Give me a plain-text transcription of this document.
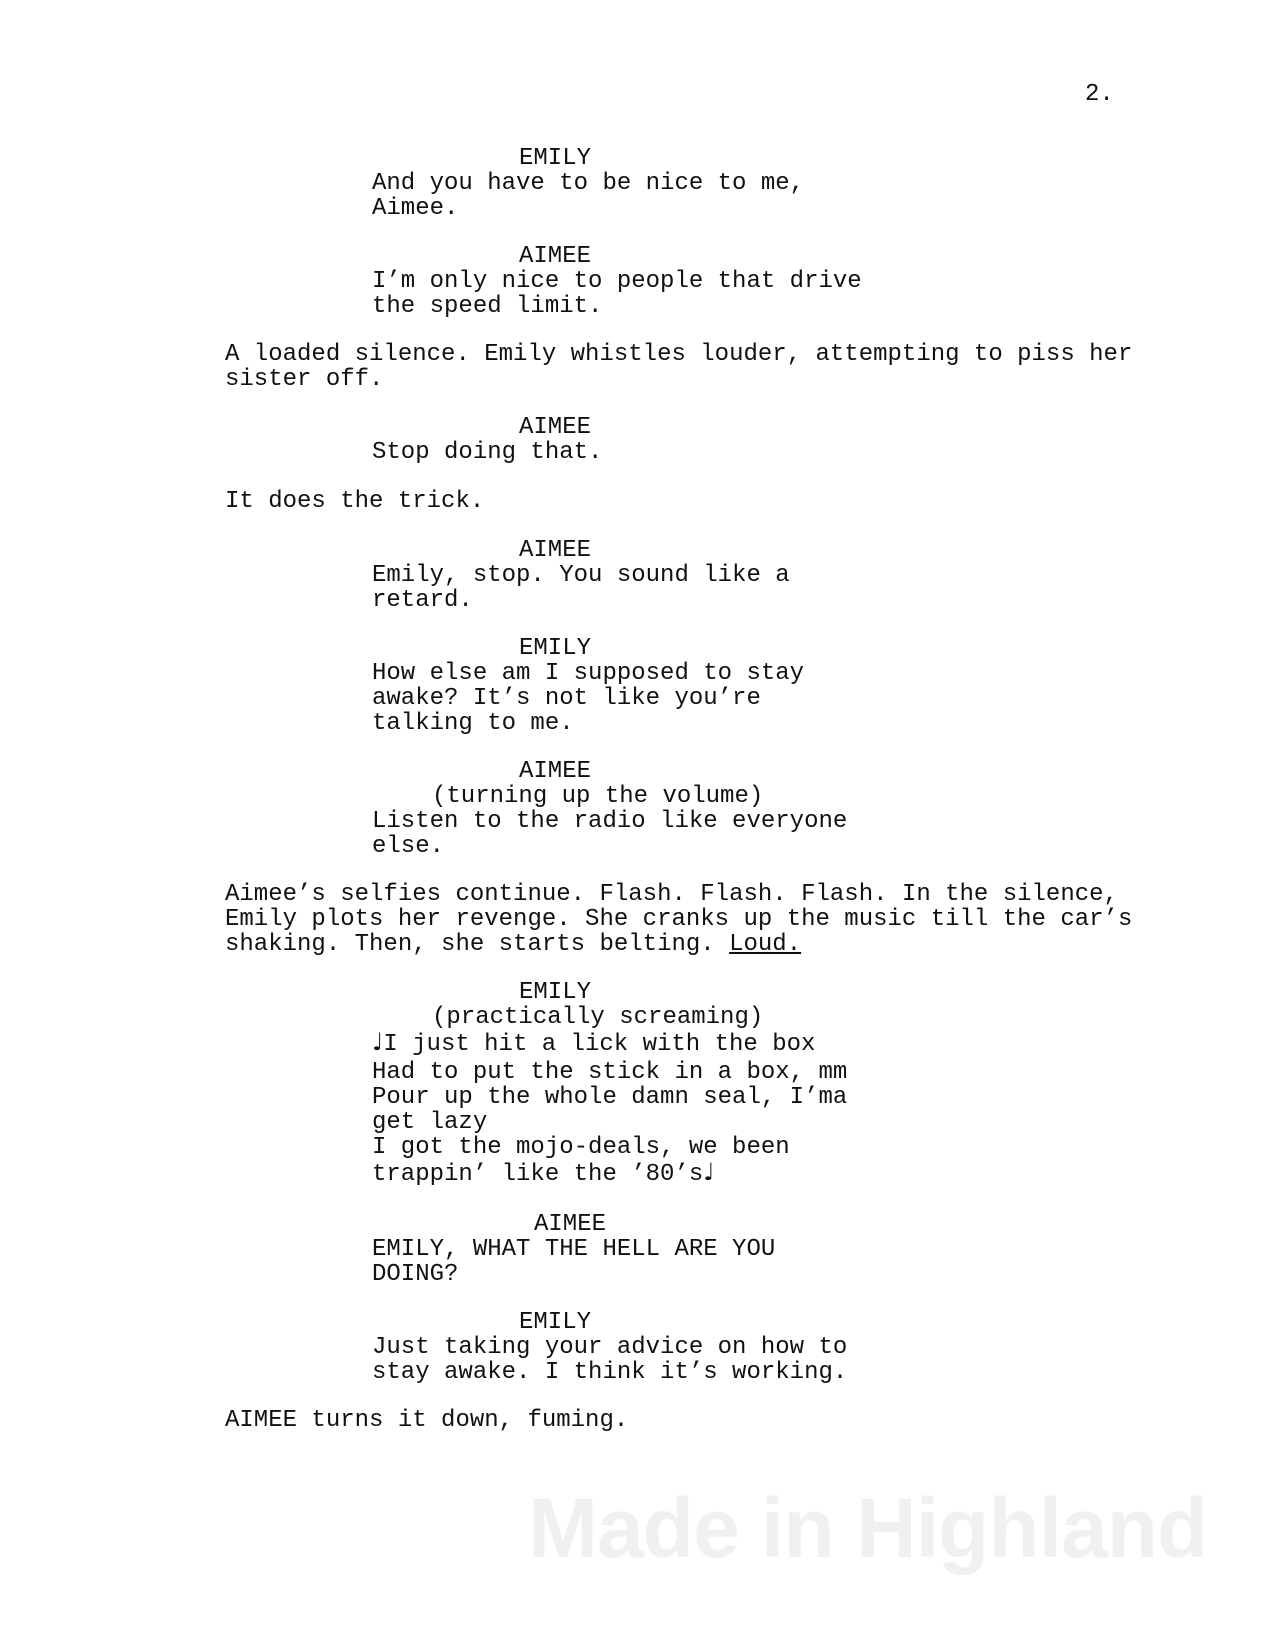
2.
EMILY
And you have to be nice to me,
Aimee.
AIMEE
I’m only nice to people that drive
the speed limit.
A loaded silence. Emily whistles louder, attempting to piss her
sister off.
AIMEE
Stop doing that.
It does the trick.
AIMEE
Emily, stop. You sound like a
retard.
EMILY
How else am I supposed to stay
awake? It’s not like you’re
talking to me.
AIMEE
(turning up the volume)
Listen to the radio like everyone
else.
Aimee’s selfies continue. Flash. Flash. Flash. In the silence,
Emily plots her revenge. She cranks up the music till the car’s
shaking. Then, she starts belting. Loud.
EMILY
(practically screaming)
♩I just hit a lick with the box
Had to put the stick in a box, mm
Pour up the whole damn seal, I’ma
get lazy
I got the mojo-deals, we been
trappin’ like the ’80’s♩
AIMEE
EMILY, WHAT THE HELL ARE YOU
DOING?
EMILY
Just taking your advice on how to
stay awake. I think it’s working.
AIMEE turns it down, fuming.
Made in Highland
